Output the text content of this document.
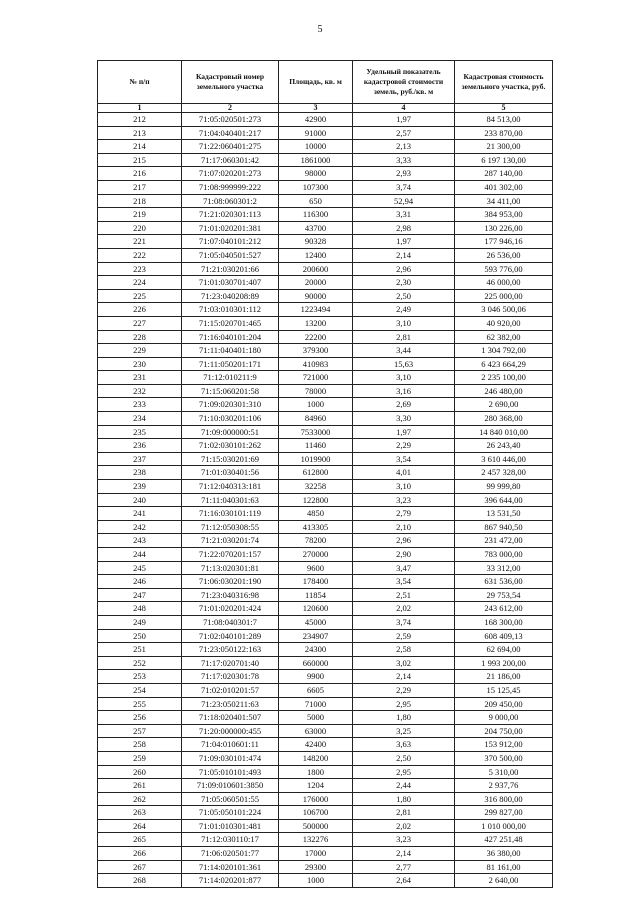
5
№ п/п	Кадастровый номер земельного участка	Площадь, кв. м	Удельный показатель кадастровой стоимости земель, руб./кв. м	Кадастровая стоимость земельного участка, руб.
1	2	3	4	5
212	71:05:020501:273	42900	1,97	84 513,00
213	71:04:040401:217	91000	2,57	233 870,00
214	71:22:060401:275	10000	2,13	21 300,00
215	71:17:060301:42	1861000	3,33	6 197 130,00
216	71:07:020201:273	98000	2,93	287 140,00
217	71:08:999999:222	107300	3,74	401 302,00
218	71:08:060301:2	650	52,94	34 411,00
219	71:21:020301:113	116300	3,31	384 953,00
220	71:01:020201:381	43700	2,98	130 226,00
221	71:07:040101:212	90328	1,97	177 946,16
222	71:05:040501:527	12400	2,14	26 536,00
223	71:21:030201:66	200600	2,96	593 776,00
224	71:01:030701:407	20000	2,30	46 000,00
225	71:23:040208:89	90000	2,50	225 000,00
226	71:03:010301:112	1223494	2,49	3 046 500,06
227	71:15:020701:465	13200	3,10	40 920,00
228	71:16:040101:204	22200	2,81	62 382,00
229	71:11:040401:180	379300	3,44	1 304 792,00
230	71:11:050201:171	410983	15,63	6 423 664,29
231	71:12:010211:9	721000	3,10	2 235 100,00
232	71:15:060201:58	78000	3,16	246 480,00
233	71:09:020301:310	1000	2,69	2 690,00
234	71:10:030201:106	84960	3,30	280 368,00
235	71:09:000000:51	7533000	1,97	14 840 010,00
236	71:02:030101:262	11460	2,29	26 243,40
237	71:15:030201:69	1019900	3,54	3 610 446,00
238	71:01:030401:56	612800	4,01	2 457 328,00
239	71:12:040313:181	32258	3,10	99 999,80
240	71:11:040301:63	122800	3,23	396 644,00
241	71:16:030101:119	4850	2,79	13 531,50
242	71:12:050308:55	413305	2,10	867 940,50
243	71:21:030201:74	78200	2,96	231 472,00
244	71:22:070201:157	270000	2,90	783 000,00
245	71:13:020301:81	9600	3,47	33 312,00
246	71:06:030201:190	178400	3,54	631 536,00
247	71:23:040316:98	11854	2,51	29 753,54
248	71:01:020201:424	120600	2,02	243 612,00
249	71:08:040301:7	45000	3,74	168 300,00
250	71:02:040101:289	234907	2,59	608 409,13
251	71:23:050122:163	24300	2,58	62 694,00
252	71:17:020701:40	660000	3,02	1 993 200,00
253	71:17:020301:78	9900	2,14	21 186,00
254	71:02:010201:57	6605	2,29	15 125,45
255	71:23:050211:63	71000	2,95	209 450,00
256	71:18:020401:507	5000	1,80	9 000,00
257	71:20:000000:455	63000	3,25	204 750,00
258	71:04:010601:11	42400	3,63	153 912,00
259	71:09:030101:474	148200	2,50	370 500,00
260	71:05:010101:493	1800	2,95	5 310,00
261	71:09:010601:3850	1204	2,44	2 937,76
262	71:05:060501:55	176000	1,80	316 800,00
263	71:05:050101:224	106700	2,81	299 827,00
264	71:01:010301:481	500000	2,02	1 010 000,00
265	71:12:030110:17	132276	3,23	427 251,48
266	71:06:020501:77	17000	2,14	36 380,00
267	71:14:020101:361	29300	2,77	81 161,00
268	71:14:020201:877	1000	2,64	2 640,00
